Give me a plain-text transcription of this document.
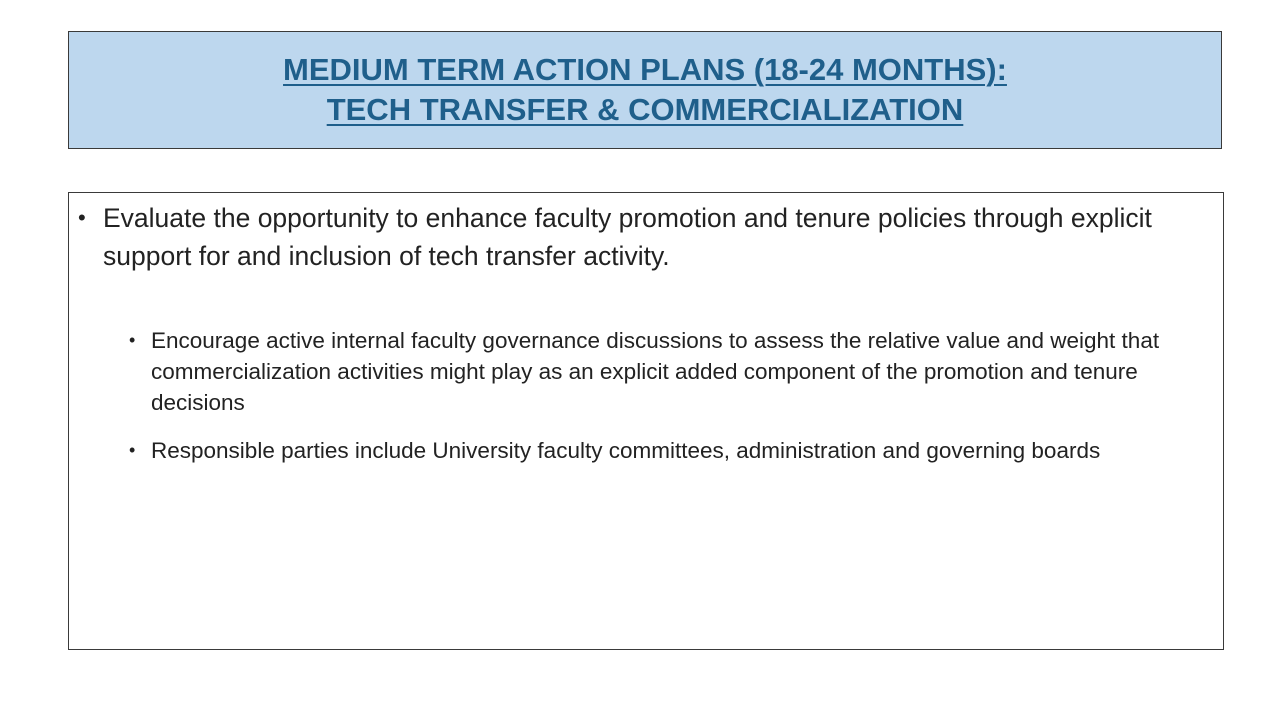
MEDIUM TERM ACTION PLANS (18-24 MONTHS):
TECH TRANSFER & COMMERCIALIZATION
• Evaluate the opportunity to enhance faculty promotion and tenure policies through explicit support for and inclusion of tech transfer activity.
• Encourage active internal faculty governance discussions to assess the relative value and weight that commercialization activities might play as an explicit added component of the promotion and tenure decisions
• Responsible parties include University faculty committees, administration and governing boards
